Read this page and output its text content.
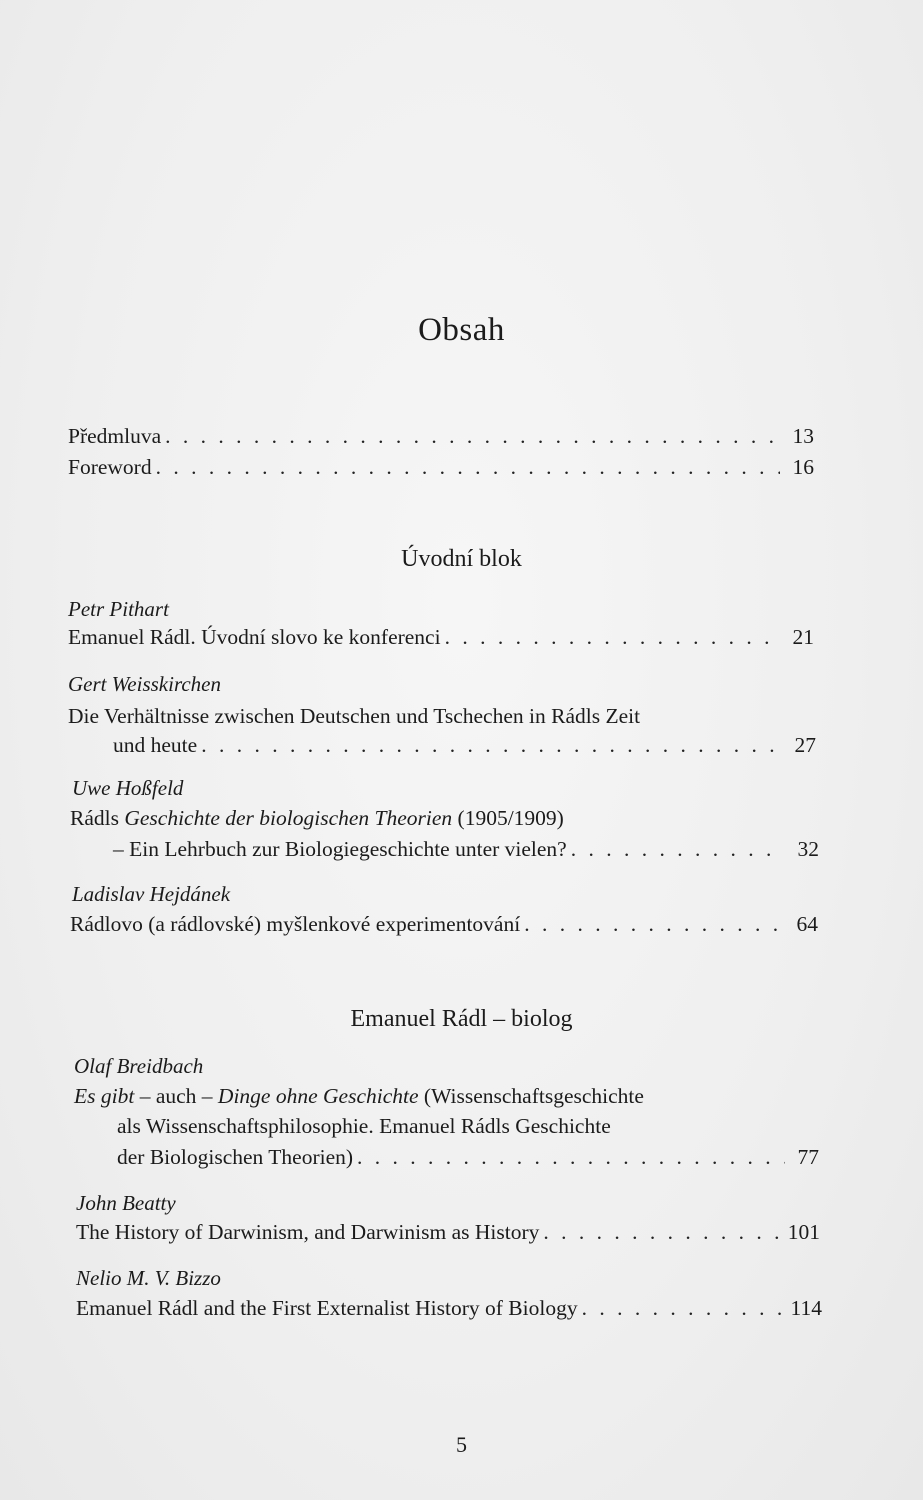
Obsah
Předmluva . . .	13
Foreword . . .	16
Úvodní blok
Petr Pithart
Emanuel Rádl. Úvodní slovo ke konferenci . . .	21
Gert Weisskirchen
Die Verhältnisse zwischen Deutschen und Tschechen in Rádls Zeit
und heute . . .	27
Uwe Hoßfeld
Rádls Geschichte der biologischen Theorien (1905/1909)
– Ein Lehrbuch zur Biologiegeschichte unter vielen? . . .	32
Ladislav Hejdánek
Rádlovo (a rádlovské) myšlenkové experimentování . . .	64
Emanuel Rádl – biolog
Olaf Breidbach
Es gibt – auch – Dinge ohne Geschichte (Wissenschaftsgeschichte
als Wissenschaftsphilosophie. Emanuel Rádls Geschichte
der Biologischen Theorien) . . .	77
John Beatty
The History of Darwinism, and Darwinism as History . . .	101
Nelio M. V. Bizzo
Emanuel Rádl and the First Externalist History of Biology . . .	114
5
